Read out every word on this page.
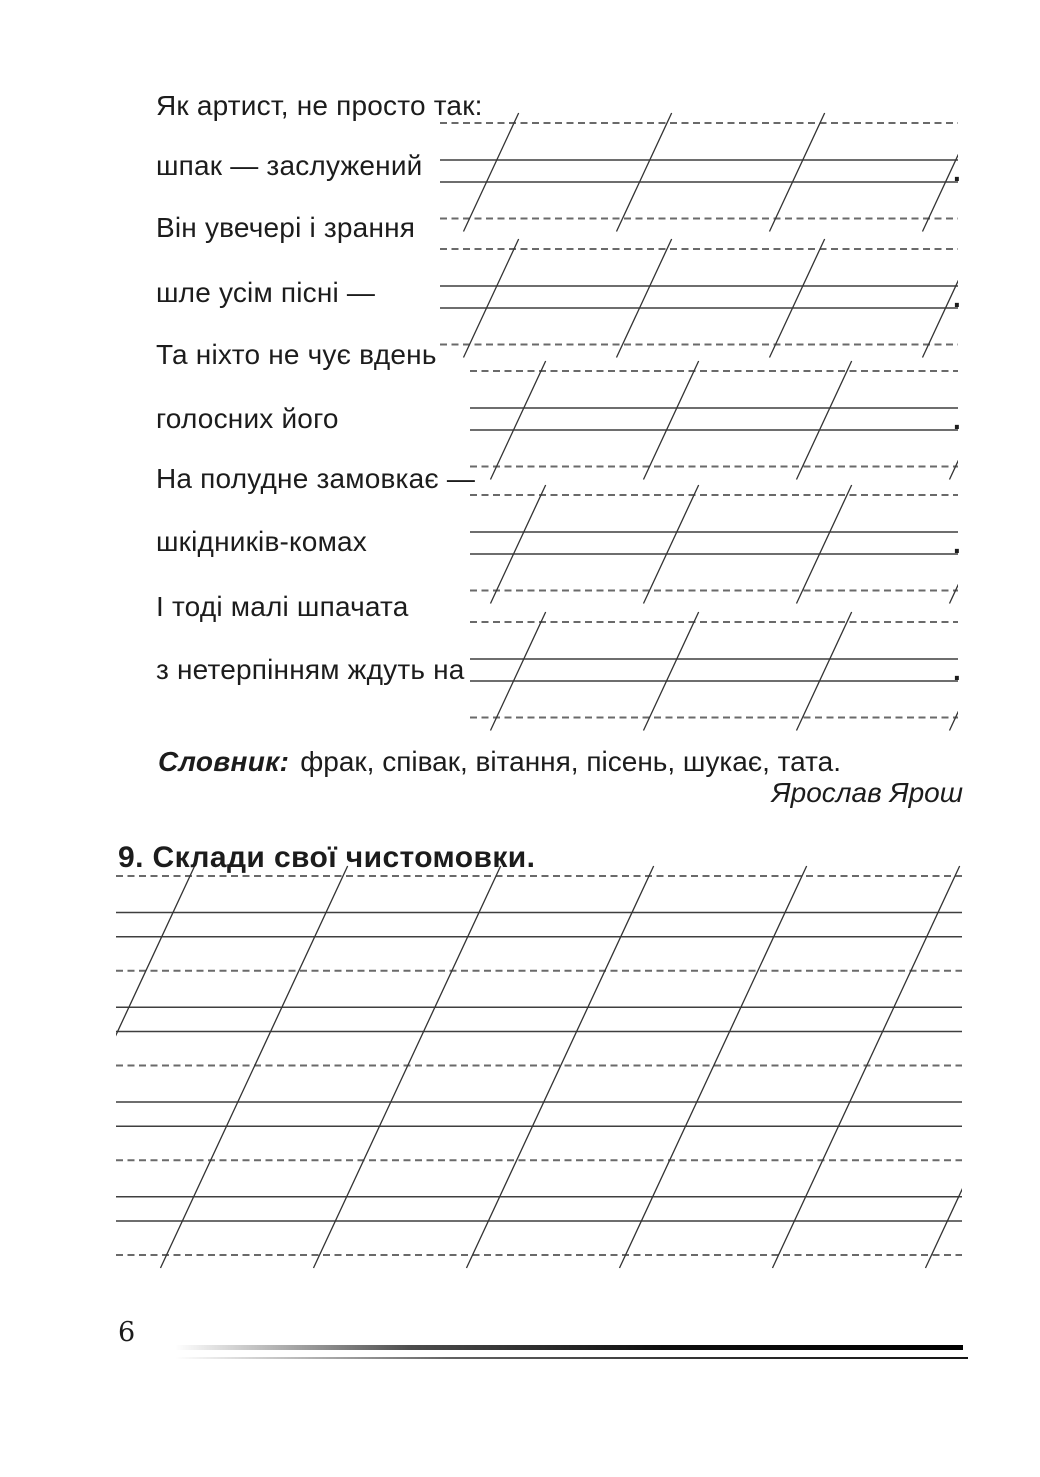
Як артист, не просто так:
шпак — заслужений
Він увечері і зрання
шле усім пісні —
Та ніхто не чує вдень
голосних його
На полудне замовкає —
шкідників-комах
І тоді малі шпачата
з нетерпінням ждуть на
.
.
.
.
.
Словник: фрак, співак, вітання, пісень, шукає, тата.
Ярослав Ярош
9. Склади свої чистомовки.
6
